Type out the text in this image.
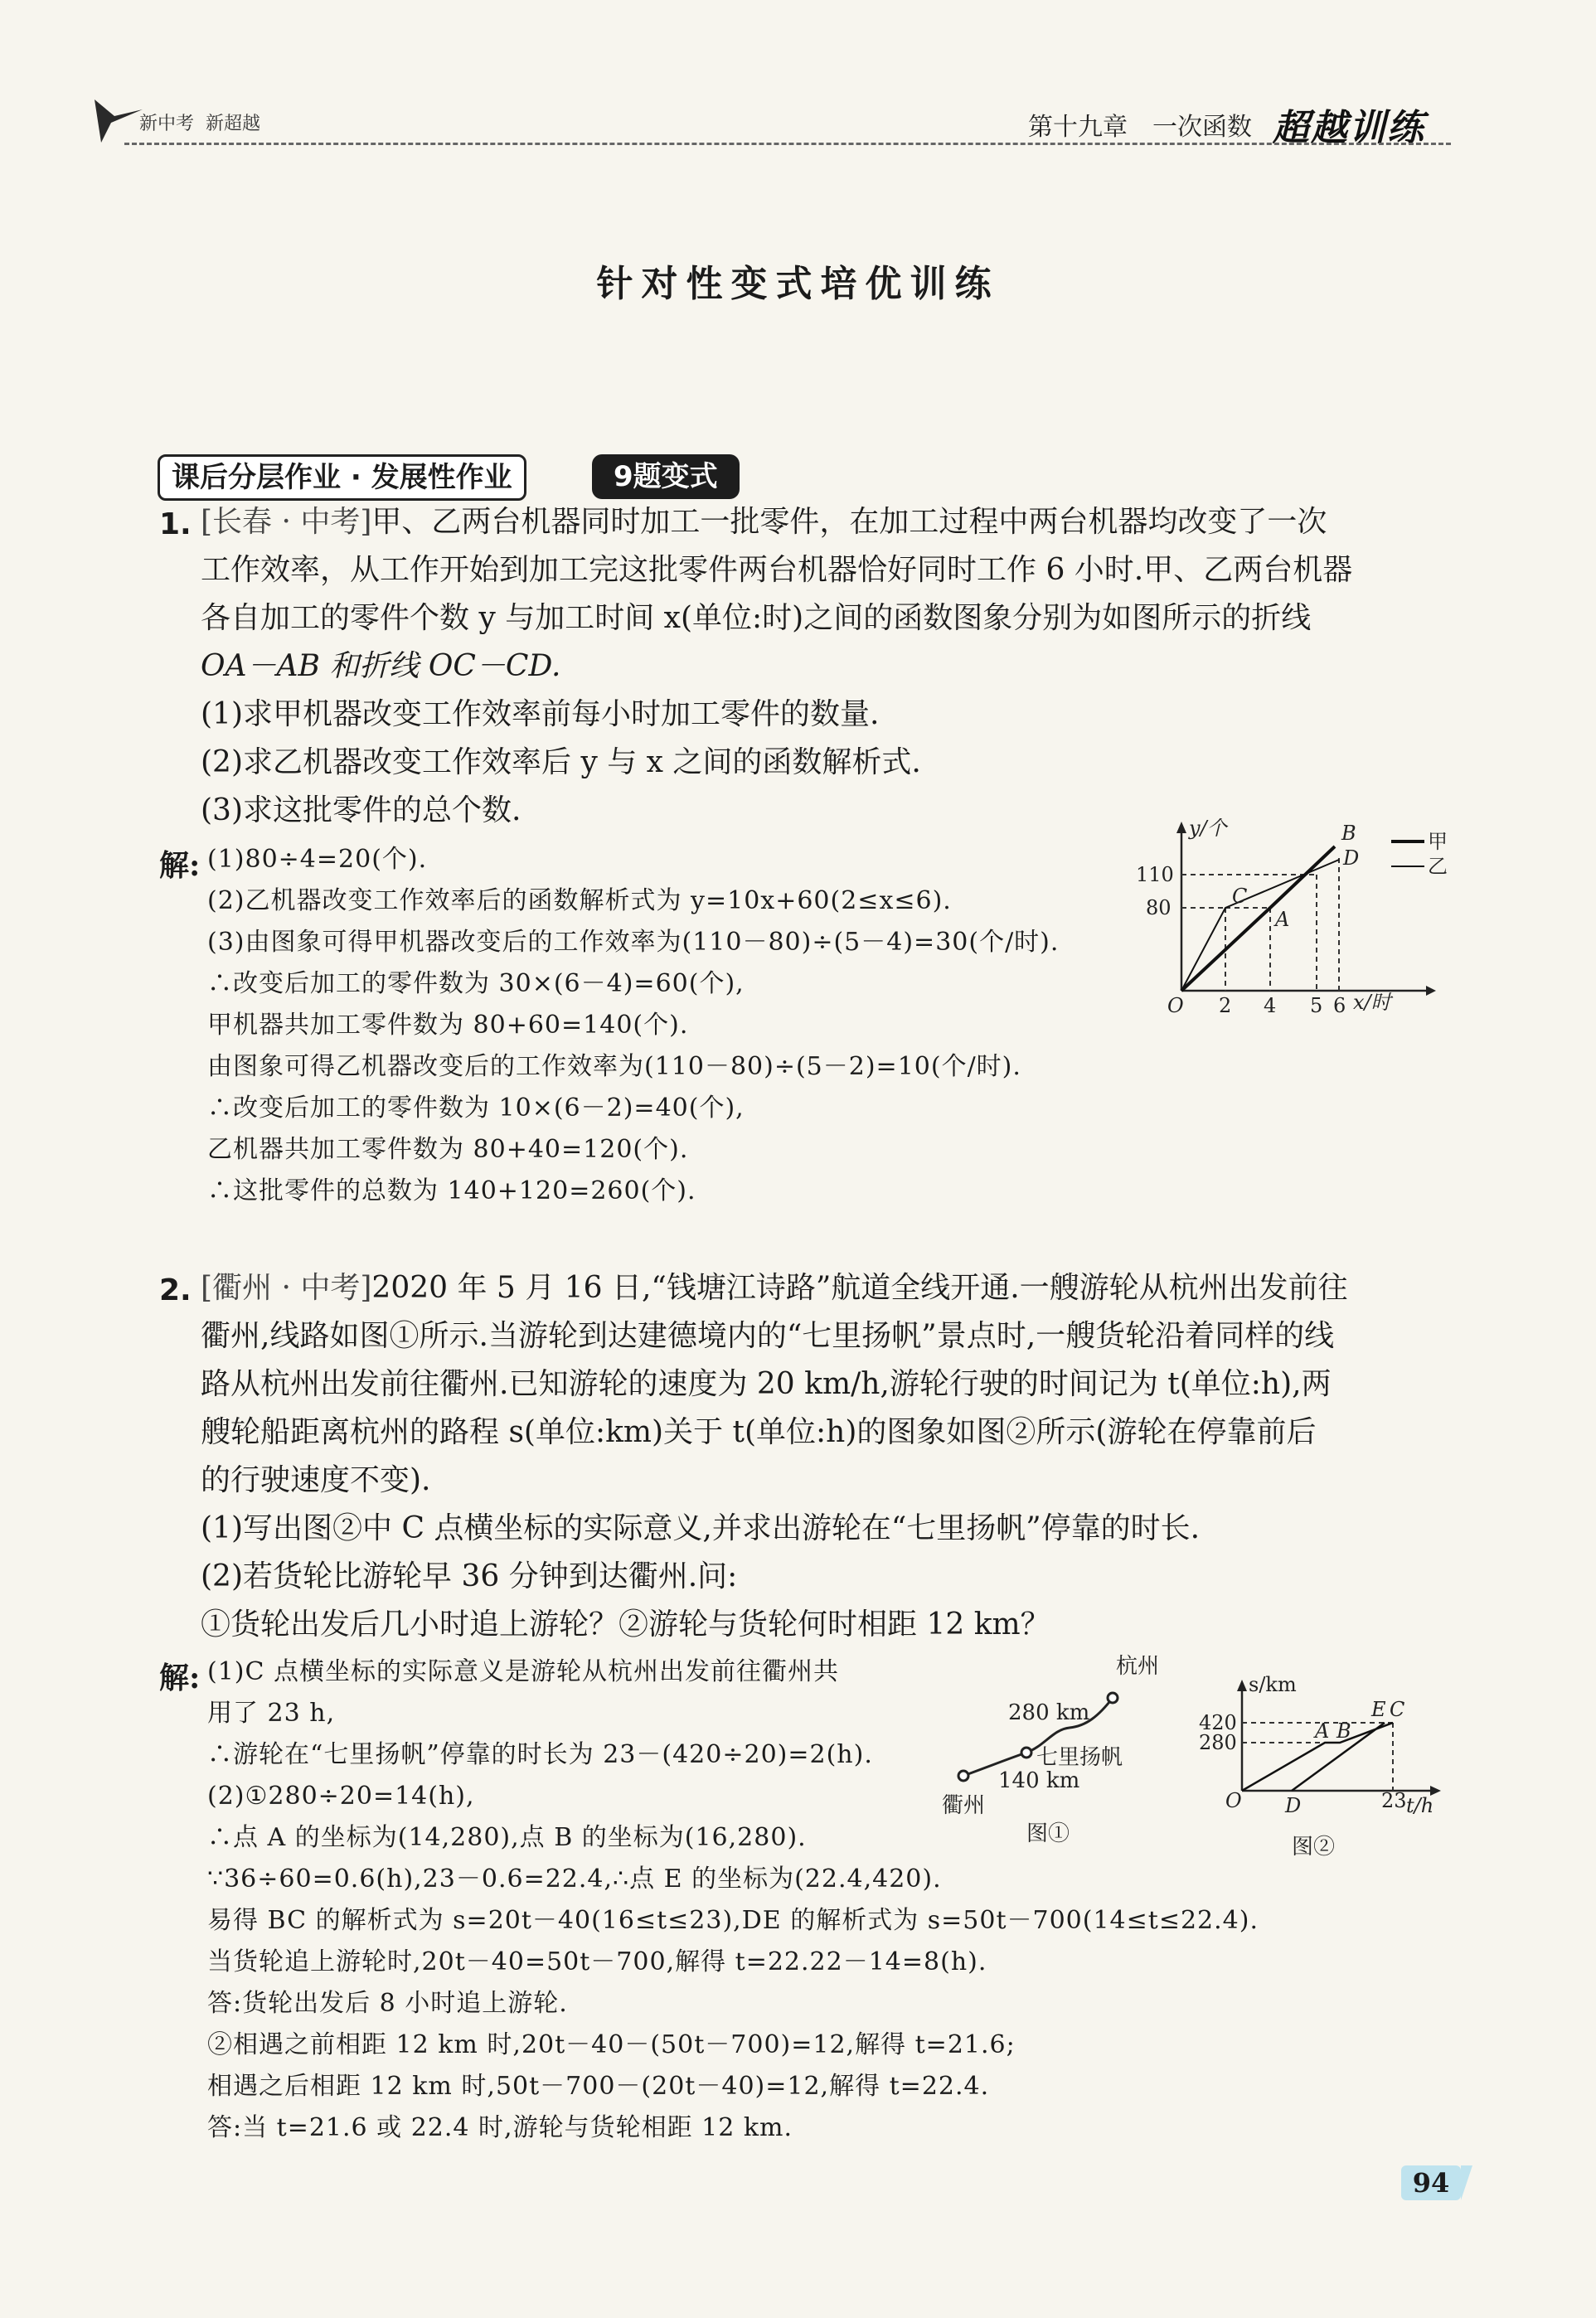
新中考 新超越	第十九章 一次函数 超越训练
针对性变式培优训练
课后分层作业 · 发展性作业	9题变式
1. [长春 · 中考]甲、乙两台机器同时加工一批零件，在加工过程中两台机器均改变了一次
工作效率，从工作开始到加工完这批零件两台机器恰好同时工作 6 小时.甲、乙两台机器
各自加工的零件个数 y 与加工时间 x(单位:时)之间的函数图象分别为如图所示的折线
OA－AB 和折线 OC－CD.
(1)求甲机器改变工作效率前每小时加工零件的数量.
(2)求乙机器改变工作效率后 y 与 x 之间的函数解析式.
(3)求这批零件的总个数.
解: (1)80÷4=20(个).
(2)乙机器改变工作效率后的函数解析式为 y=10x+60(2≤x≤6).
(3)由图象可得甲机器改变后的工作效率为(110－80)÷(5－4)=30(个/时).
∴改变后加工的零件数为 30×(6－4)=60(个),
甲机器共加工零件数为 80+60=140(个).
由图象可得乙机器改变后的工作效率为(110－80)÷(5－2)=10(个/时).
∴改变后加工的零件数为 10×(6－2)=40(个),
乙机器共加工零件数为 80+40=120(个).
∴这批零件的总数为 140+120=260(个).
y/个
x/时
O
80
110
2 4 5 6
C
A
B
D
甲
乙
2. [衢州 · 中考]2020 年 5 月 16 日,“钱塘江诗路”航道全线开通.一艘游轮从杭州出发前往
衢州,线路如图①所示.当游轮到达建德境内的“七里扬帆”景点时,一艘货轮沿着同样的线
路从杭州出发前往衢州.已知游轮的速度为 20 km/h,游轮行驶的时间记为 t(单位:h),两
艘轮船距离杭州的路程 s(单位:km)关于 t(单位:h)的图象如图②所示(游轮在停靠前后
的行驶速度不变).
(1)写出图②中 C 点横坐标的实际意义,并求出游轮在“七里扬帆”停靠的时长.
(2)若货轮比游轮早 36 分钟到达衢州.问:
①货轮出发后几小时追上游轮？②游轮与货轮何时相距 12 km？
解: (1)C 点横坐标的实际意义是游轮从杭州出发前往衢州共
用了 23 h,
∴游轮在“七里扬帆”停靠的时长为 23－(420÷20)=2(h).
(2)①280÷20=14(h),
∴点 A 的坐标为(14,280),点 B 的坐标为(16,280).
∵36÷60=0.6(h),23－0.6=22.4,∴点 E 的坐标为(22.4,420).
易得 BC 的解析式为 s=20t－40(16≤t≤23),DE 的解析式为 s=50t－700(14≤t≤22.4).
当货轮追上游轮时,20t－40=50t－700,解得 t=22.22－14=8(h).
答:货轮出发后 8 小时追上游轮.
②相遇之前相距 12 km 时,20t－40－(50t－700)=12,解得 t=21.6;
相遇之后相距 12 km 时,50t－700－(20t－40)=12,解得 t=22.4.
答:当 t=21.6 或 22.4 时,游轮与货轮相距 12 km.
杭州
280 km
七里扬帆
140 km
衢州
图①
s/km
420
280
O D	23 t/h
A B
E C
图②
94
